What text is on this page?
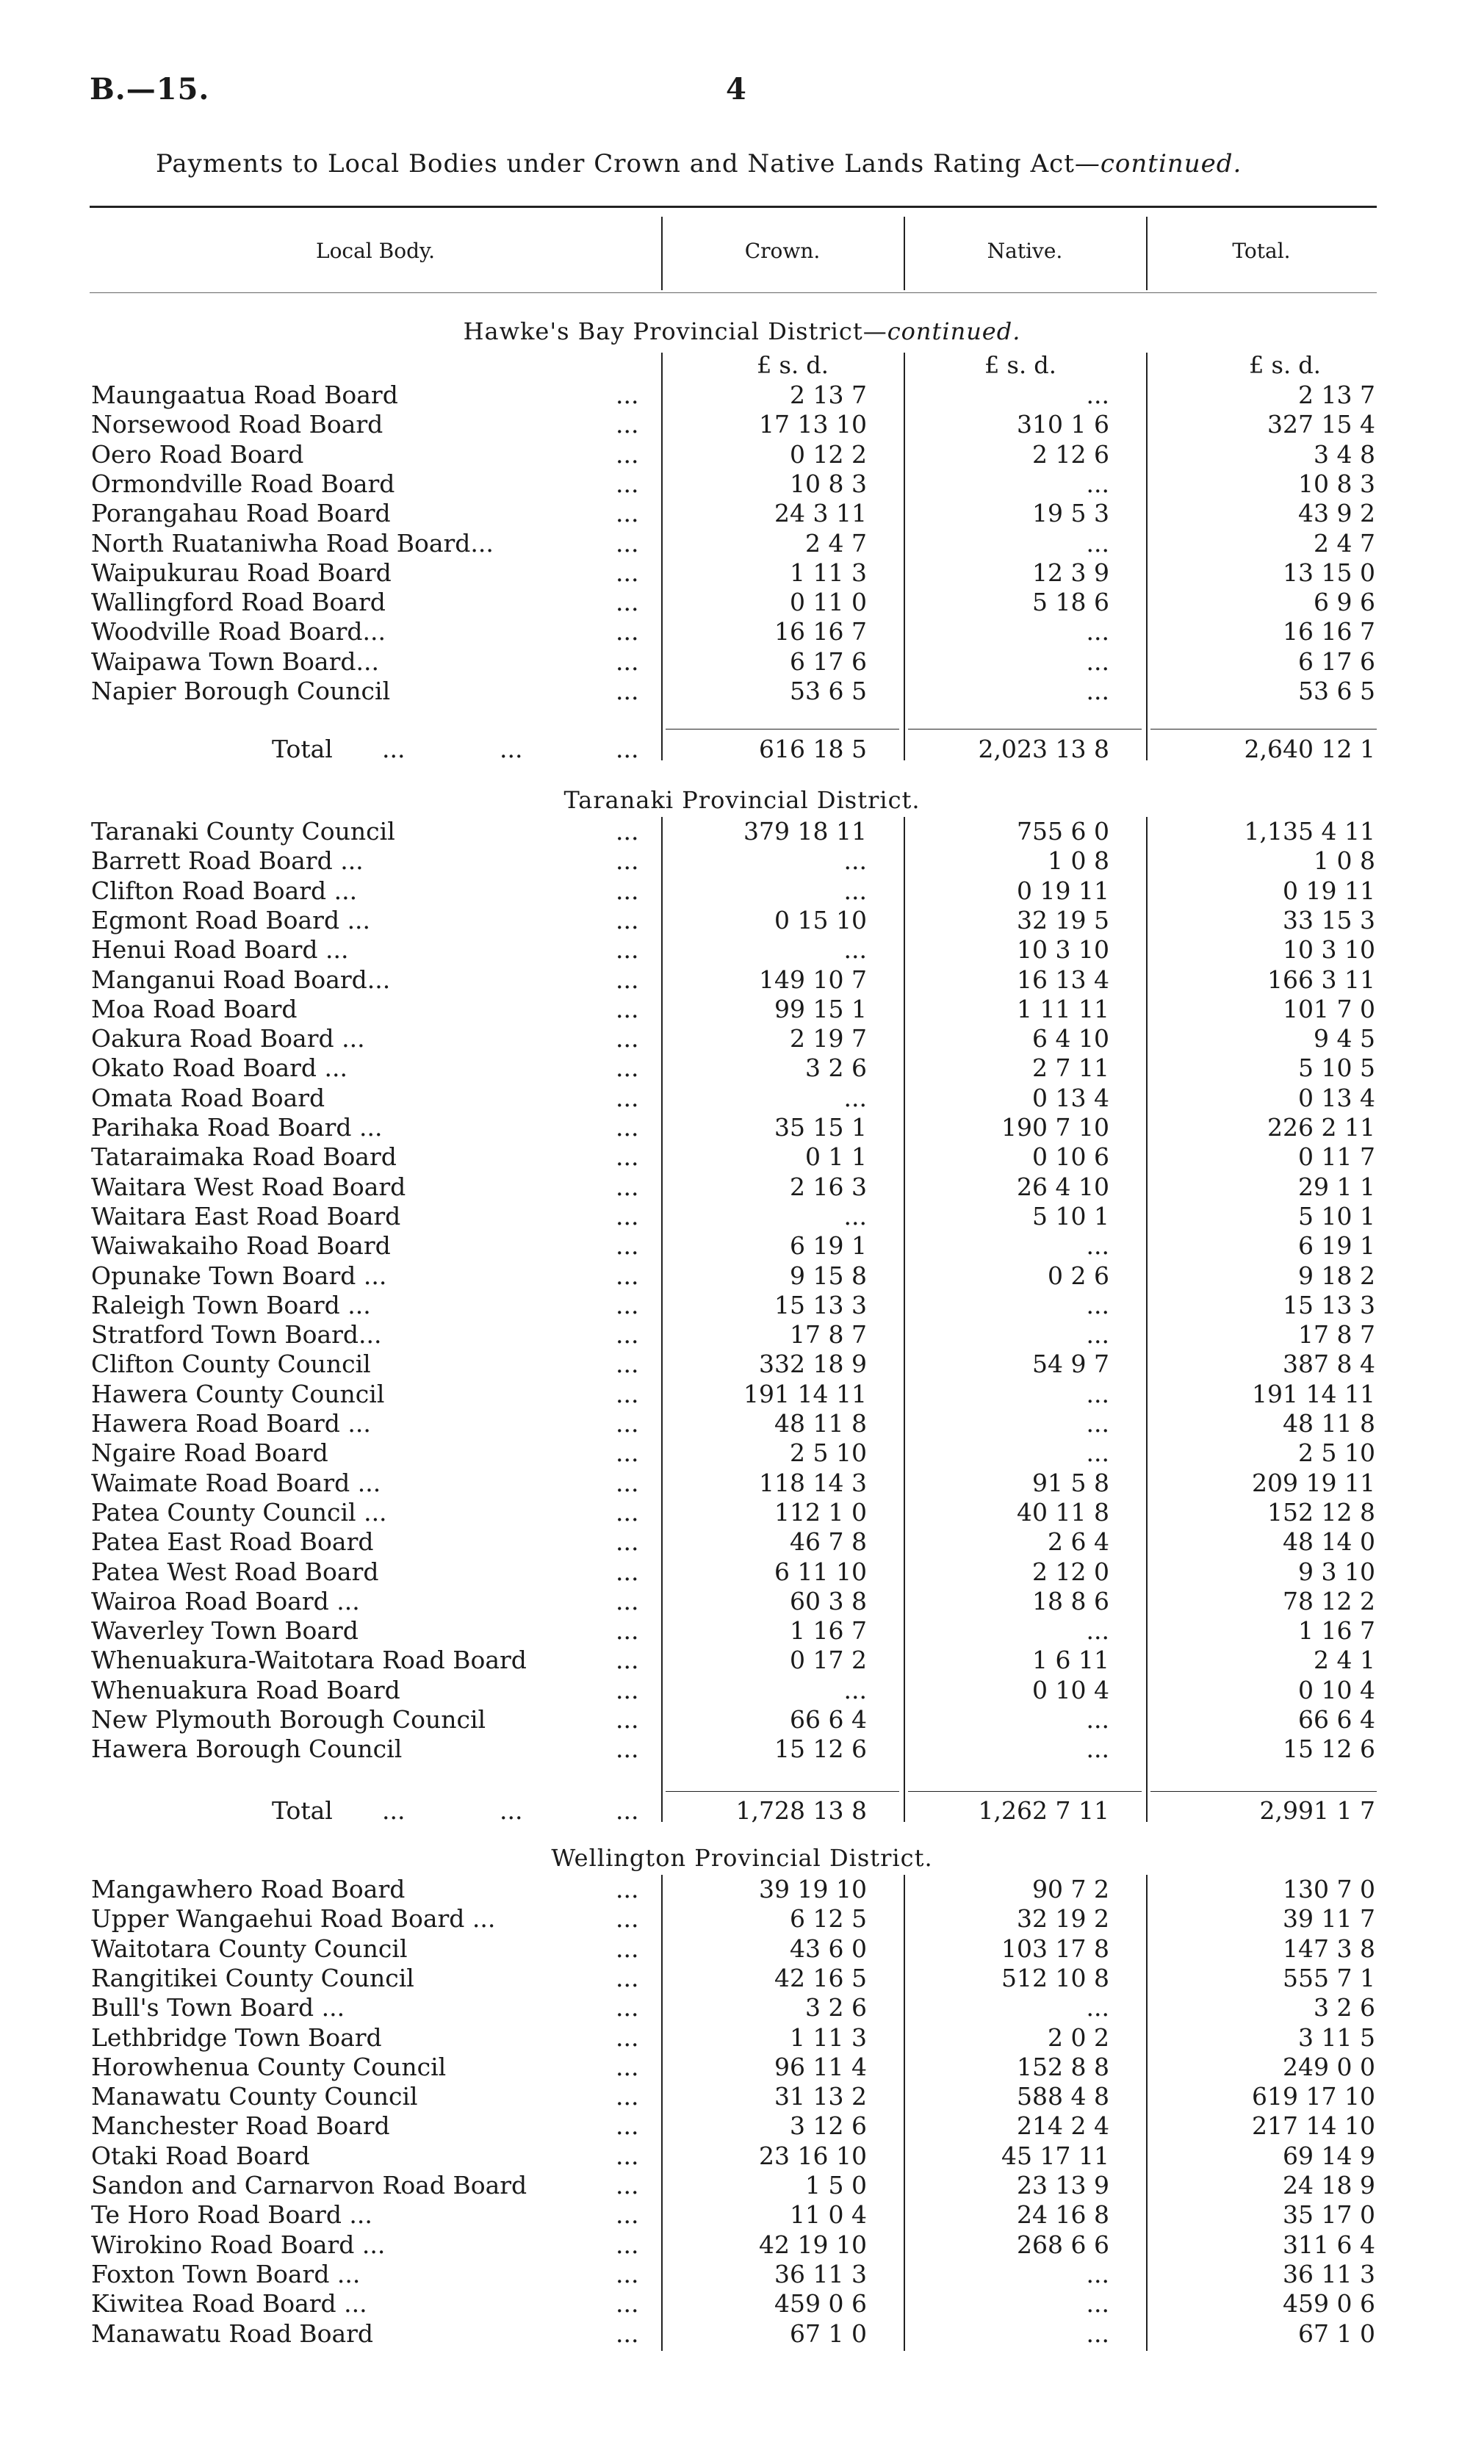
B.—15.	4
Payments to Local Bodies under Crown and Native Lands Rating Act—continued.
Local Body.	Crown.	Native.	Total.
Hawke's Bay Provincial District—continued.
£ s. d.	£ s. d.	£ s. d.
Maungaatua Road Board	...	2 13 7	...	2 13 7
Norsewood Road Board	...	17 13 10	310 1 6	327 15 4
Oero Road Board	...	0 12 2	2 12 6	3 4 8
Ormondville Road Board	...	10 8 3	...	10 8 3
Porangahau Road Board	...	24 3 11	19 5 3	43 9 2
North Ruataniwha Road Board...	...	2 4 7	...	2 4 7
Waipukurau Road Board	...	1 11 3	12 3 9	13 15 0
Wallingford Road Board	...	0 11 0	5 18 6	6 9 6
Woodville Road Board...	...	16 16 7	...	16 16 7
Waipawa Town Board...	...	6 17 6	...	6 17 6
Napier Borough Council	...	53 6 5	...	53 6 5
Total ...	...	...	616 18 5	2,023 13 8	2,640 12 1
Taranaki Provincial District.
Taranaki County Council	...	379 18 11	755 6 0	1,135 4 11
Barrett Road Board ...	...	...	1 0 8	1 0 8
Clifton Road Board ...	...	...	0 19 11	0 19 11
Egmont Road Board ...	...	0 15 10	32 19 5	33 15 3
Henui Road Board ...	...	...	10 3 10	10 3 10
Manganui Road Board...	...	149 10 7	16 13 4	166 3 11
Moa Road Board	...	99 15 1	1 11 11	101 7 0
Oakura Road Board ...	...	2 19 7	6 4 10	9 4 5
Okato Road Board ...	...	3 2 6	2 7 11	5 10 5
Omata Road Board	...	...	0 13 4	0 13 4
Parihaka Road Board ...	...	35 15 1	190 7 10	226 2 11
Tataraimaka Road Board	...	0 1 1	0 10 6	0 11 7
Waitara West Road Board	...	2 16 3	26 4 10	29 1 1
Waitara East Road Board	...	...	5 10 1	5 10 1
Waiwakaiho Road Board	...	6 19 1	...	6 19 1
Opunake Town Board ...	...	9 15 8	0 2 6	9 18 2
Raleigh Town Board ...	...	15 13 3	...	15 13 3
Stratford Town Board...	...	17 8 7	...	17 8 7
Clifton County Council	...	332 18 9	54 9 7	387 8 4
Hawera County Council	...	191 14 11	...	191 14 11
Hawera Road Board ...	...	48 11 8	...	48 11 8
Ngaire Road Board	...	2 5 10	...	2 5 10
Waimate Road Board ...	...	118 14 3	91 5 8	209 19 11
Patea County Council ...	...	112 1 0	40 11 8	152 12 8
Patea East Road Board	...	46 7 8	2 6 4	48 14 0
Patea West Road Board	...	6 11 10	2 12 0	9 3 10
Wairoa Road Board ...	...	60 3 8	18 8 6	78 12 2
Waverley Town Board	...	1 16 7	...	1 16 7
Whenuakura-Waitotara Road Board	...	0 17 2	1 6 11	2 4 1
Whenuakura Road Board	...	...	0 10 4	0 10 4
New Plymouth Borough Council	...	66 6 4	...	66 6 4
Hawera Borough Council	...	15 12 6	...	15 12 6
Total ...	...	...	1,728 13 8	1,262 7 11	2,991 1 7
Wellington Provincial District.
Mangawhero Road Board	...	39 19 10	90 7 2	130 7 0
Upper Wangaehui Road Board ...	...	6 12 5	32 19 2	39 11 7
Waitotara County Council	...	43 6 0	103 17 8	147 3 8
Rangitikei County Council	...	42 16 5	512 10 8	555 7 1
Bull's Town Board ...	...	3 2 6	...	3 2 6
Lethbridge Town Board	...	1 11 3	2 0 2	3 11 5
Horowhenua County Council	...	96 11 4	152 8 8	249 0 0
Manawatu County Council	...	31 13 2	588 4 8	619 17 10
Manchester Road Board	...	3 12 6	214 2 4	217 14 10
Otaki Road Board	...	23 16 10	45 17 11	69 14 9
Sandon and Carnarvon Road Board	...	1 5 0	23 13 9	24 18 9
Te Horo Road Board ...	...	11 0 4	24 16 8	35 17 0
Wirokino Road Board ...	...	42 19 10	268 6 6	311 6 4
Foxton Town Board ...	...	36 11 3	...	36 11 3
Kiwitea Road Board ...	...	459 0 6	...	459 0 6
Manawatu Road Board	...	67 1 0	...	67 1 0
